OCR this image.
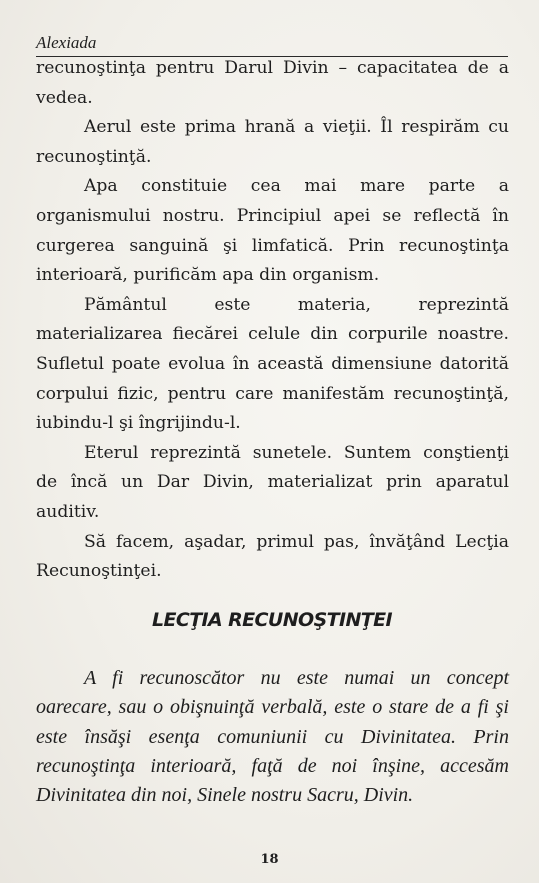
Alexiada

recunoştinţa pentru Darul Divin – capacitatea de a vedea.

Aerul este prima hrană a vieţii. Îl respirăm cu recunoştinţă.

Apa constituie cea mai mare parte a organismului nostru. Principiul apei se reflectă în curgerea sanguină şi limfatică. Prin recunoştinţa interioară, purificăm apa din organism.

Pământul este materia, reprezintă materializarea fiecărei celule din corpurile noastre. Sufletul poate evolua în această dimensiune datorită corpului fizic, pentru care manifestăm recunoştinţă, iubindu-l şi îngrijindu-l.

Eterul reprezintă sunetele. Suntem conştienţi de încă un Dar Divin, materializat prin aparatul auditiv.

Să facem, aşadar, primul pas, învăţând Lecţia Recunoştinţei.

LECŢIA RECUNOŞTINŢEI

A fi recunoscător nu este numai un concept oarecare, sau o obişnuinţă verbală, este o stare de a fi şi este însăşi esenţa comuniunii cu Divinitatea. Prin recunoştinţa interioară, faţă de noi înşine, accesăm Divinitatea din noi, Sinele nostru Sacru, Divin.

18
